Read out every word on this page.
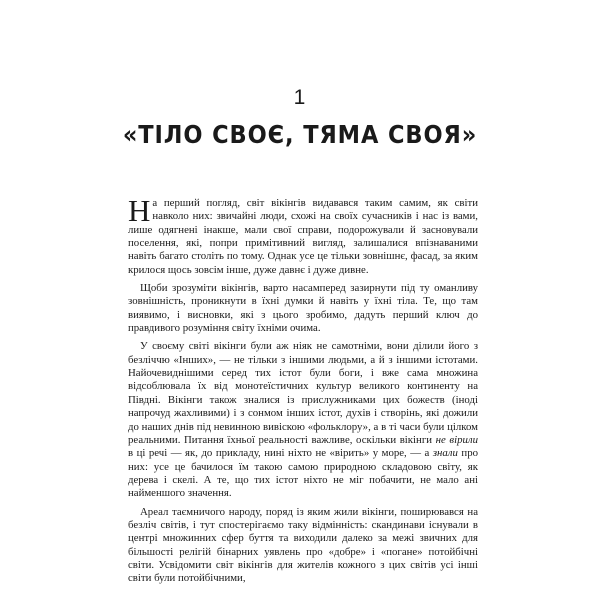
1
«ТІЛО СВОЄ, ТЯМА СВОЯ»

На перший погляд, світ вікінгів видавався таким самим, як світи навколо них: звичайні люди, схожі на своїх сучасників і нас із вами, лише одягнені інакше, мали свої справи, подорожували й засновували поселення, які, попри примітивний вигляд, залишалися впізнаваними навіть багато століть по тому. Однак усе це тільки зовнішнє, фасад, за яким крилося щось зовсім інше, дуже давнє і дуже дивне.

Щоби зрозуміти вікінгів, варто насамперед зазирнути під ту оманливу зовнішність, проникнути в їхні думки й навіть у їхні тіла. Те, що там виявимо, і висновки, які з цього зробимо, дадуть перший ключ до правдивого розуміння світу їхніми очима.

У своєму світі вікінги були аж ніяк не самотніми, вони ділили його з безліччю «Інших», — не тільки з іншими людьми, а й з іншими істотами. Найочевиднішими серед тих істот були боги, і вже сама множина відсоблювала їх від монотеїстичних культур великого континенту на Півдні. Вікінги також зналися із прислужниками цих божеств (іноді напрочуд жахливими) і з сонмом інших істот, духів і створінь, які дожили до наших днів під невинною вивіскою «фольклору», а в ті часи були цілком реальними. Питання їхньої реальності важливе, оскільки вікінги не вірили в ці речі — як, до прикладу, нині ніхто не «вірить» у море, — а знали про них: усе це бачилося їм такою самою природною складовою світу, як дерева і скелі. А те, що тих істот ніхто не міг побачити, не мало ані найменшого значення.

Ареал таємничого народу, поряд із яким жили вікінги, поширювався на безліч світів, і тут спостерігаємо таку відмінність: скандинави існували в центрі множинних сфер буття та виходили далеко за межі звичних для більшості релігій бінарних уявлень про «добре» і «погане» потойбічні світи. Усвідомити світ вікінгів для жителів кожного з цих світів усі інші світи були потойбічними,
